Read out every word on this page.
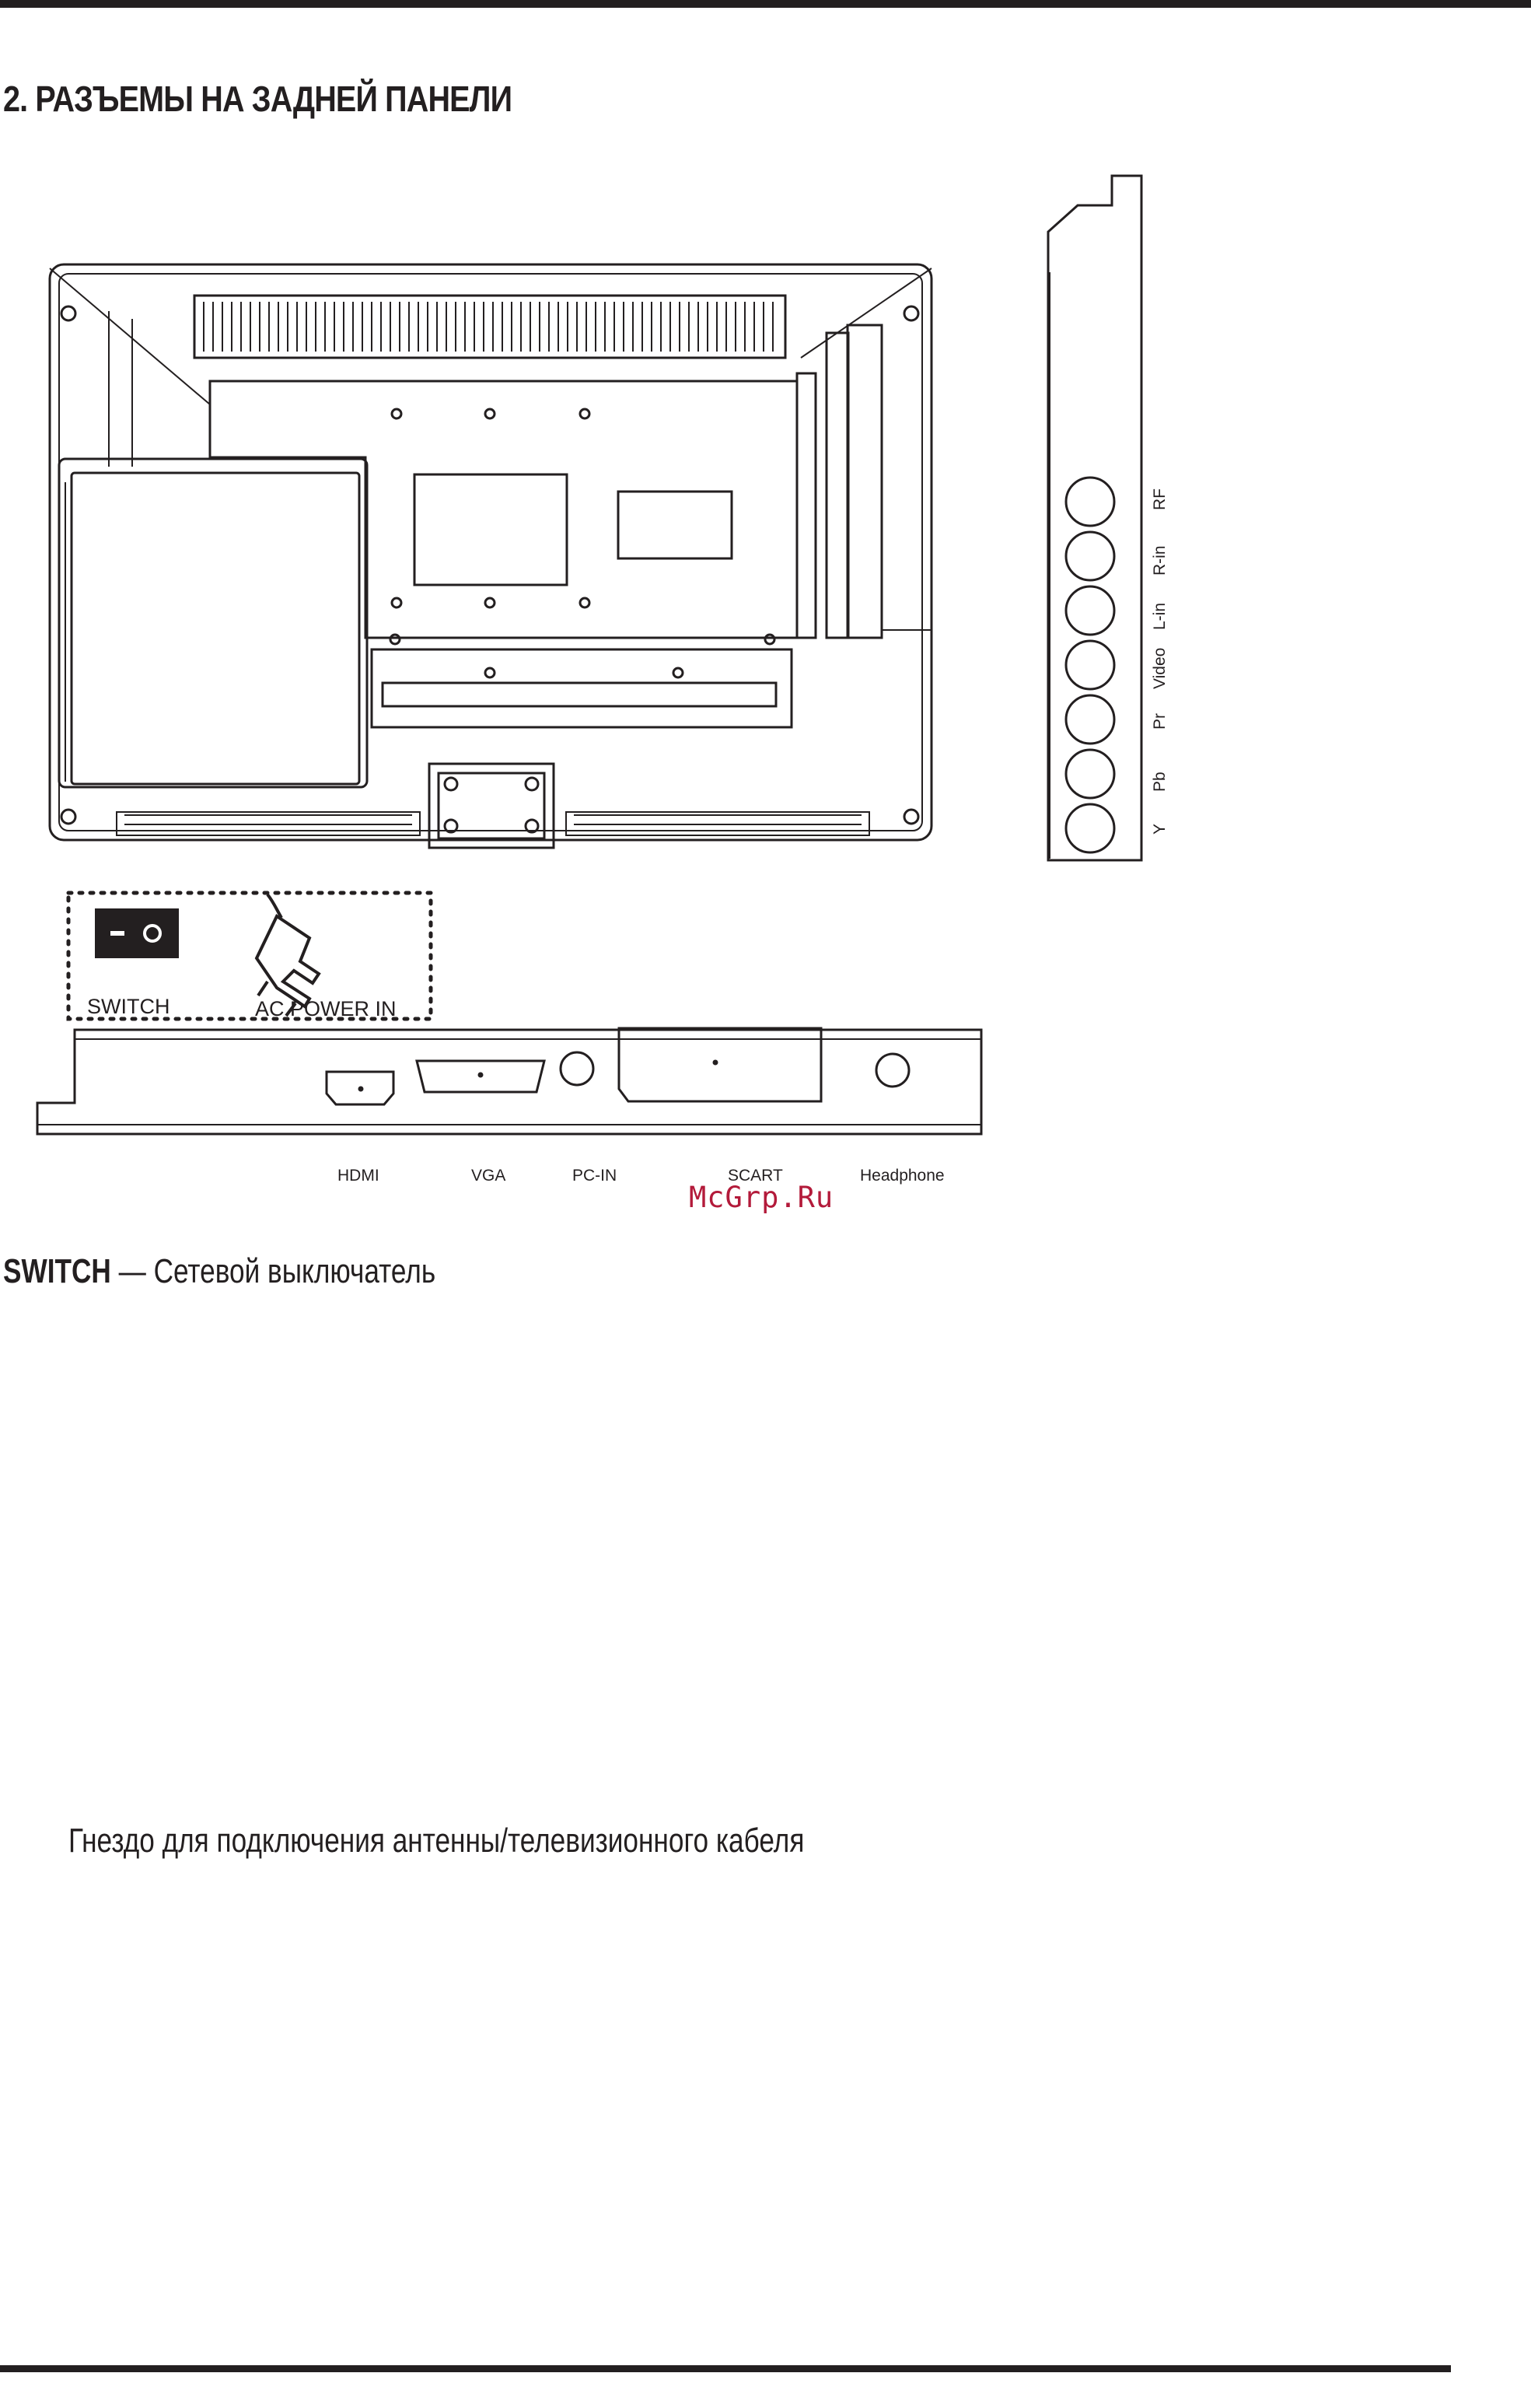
2. РАЗЪЕМЫ НА ЗАДНЕЙ ПАНЕЛИ
SWITCH	AC POWER IN
HDMI	VGA	PC-IN	SCART	Headphone
RF
R-in
L-in
Video
Pr
Pb
Y
McGrp.Ru
SWITCH — Сетевой выключатель
Гнездо для подключения антенны/телевизионного кабеля
